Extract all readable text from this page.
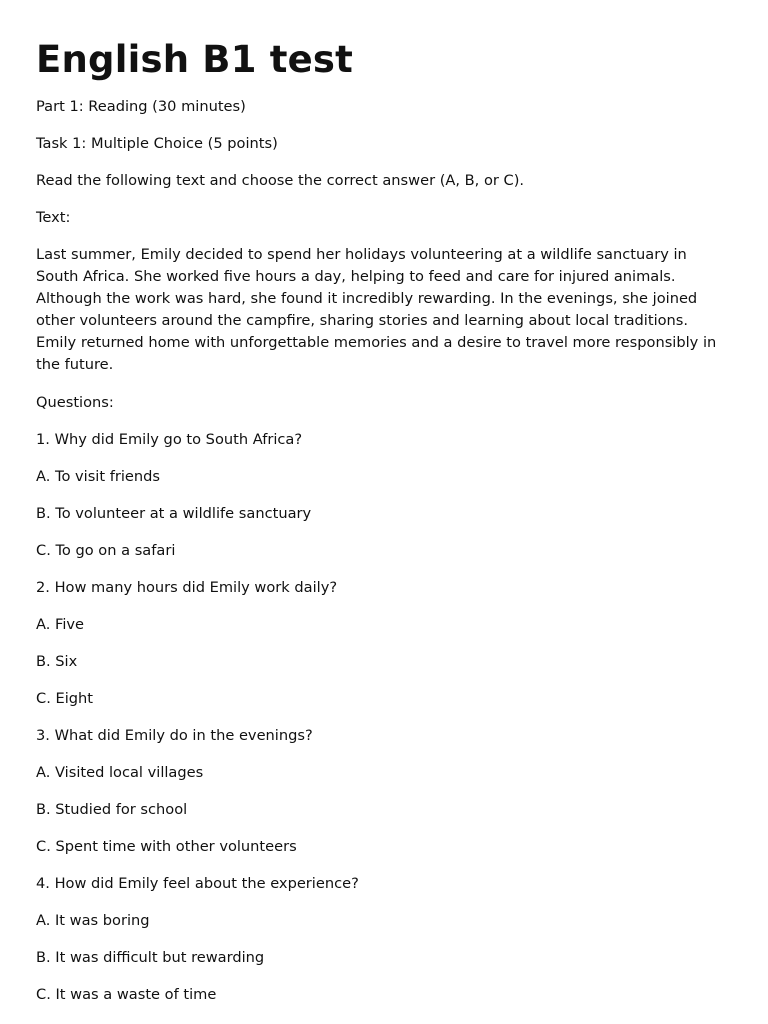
English B1 test

Part 1: Reading (30 minutes)

Task 1: Multiple Choice (5 points)

Read the following text and choose the correct answer (A, B, or C).

Text:

Last summer, Emily decided to spend her holidays volunteering at a wildlife sanctuary in South Africa. She worked five hours a day, helping to feed and care for injured animals. Although the work was hard, she found it incredibly rewarding. In the evenings, she joined other volunteers around the campfire, sharing stories and learning about local traditions. Emily returned home with unforgettable memories and a desire to travel more responsibly in the future.

Questions:

1. Why did Emily go to South Africa?

A. To visit friends

B. To volunteer at a wildlife sanctuary

C. To go on a safari

2. How many hours did Emily work daily?

A. Five

B. Six

C. Eight

3. What did Emily do in the evenings?

A. Visited local villages

B. Studied for school

C. Spent time with other volunteers

4. How did Emily feel about the experience?

A. It was boring

B. It was difficult but rewarding

C. It was a waste of time
